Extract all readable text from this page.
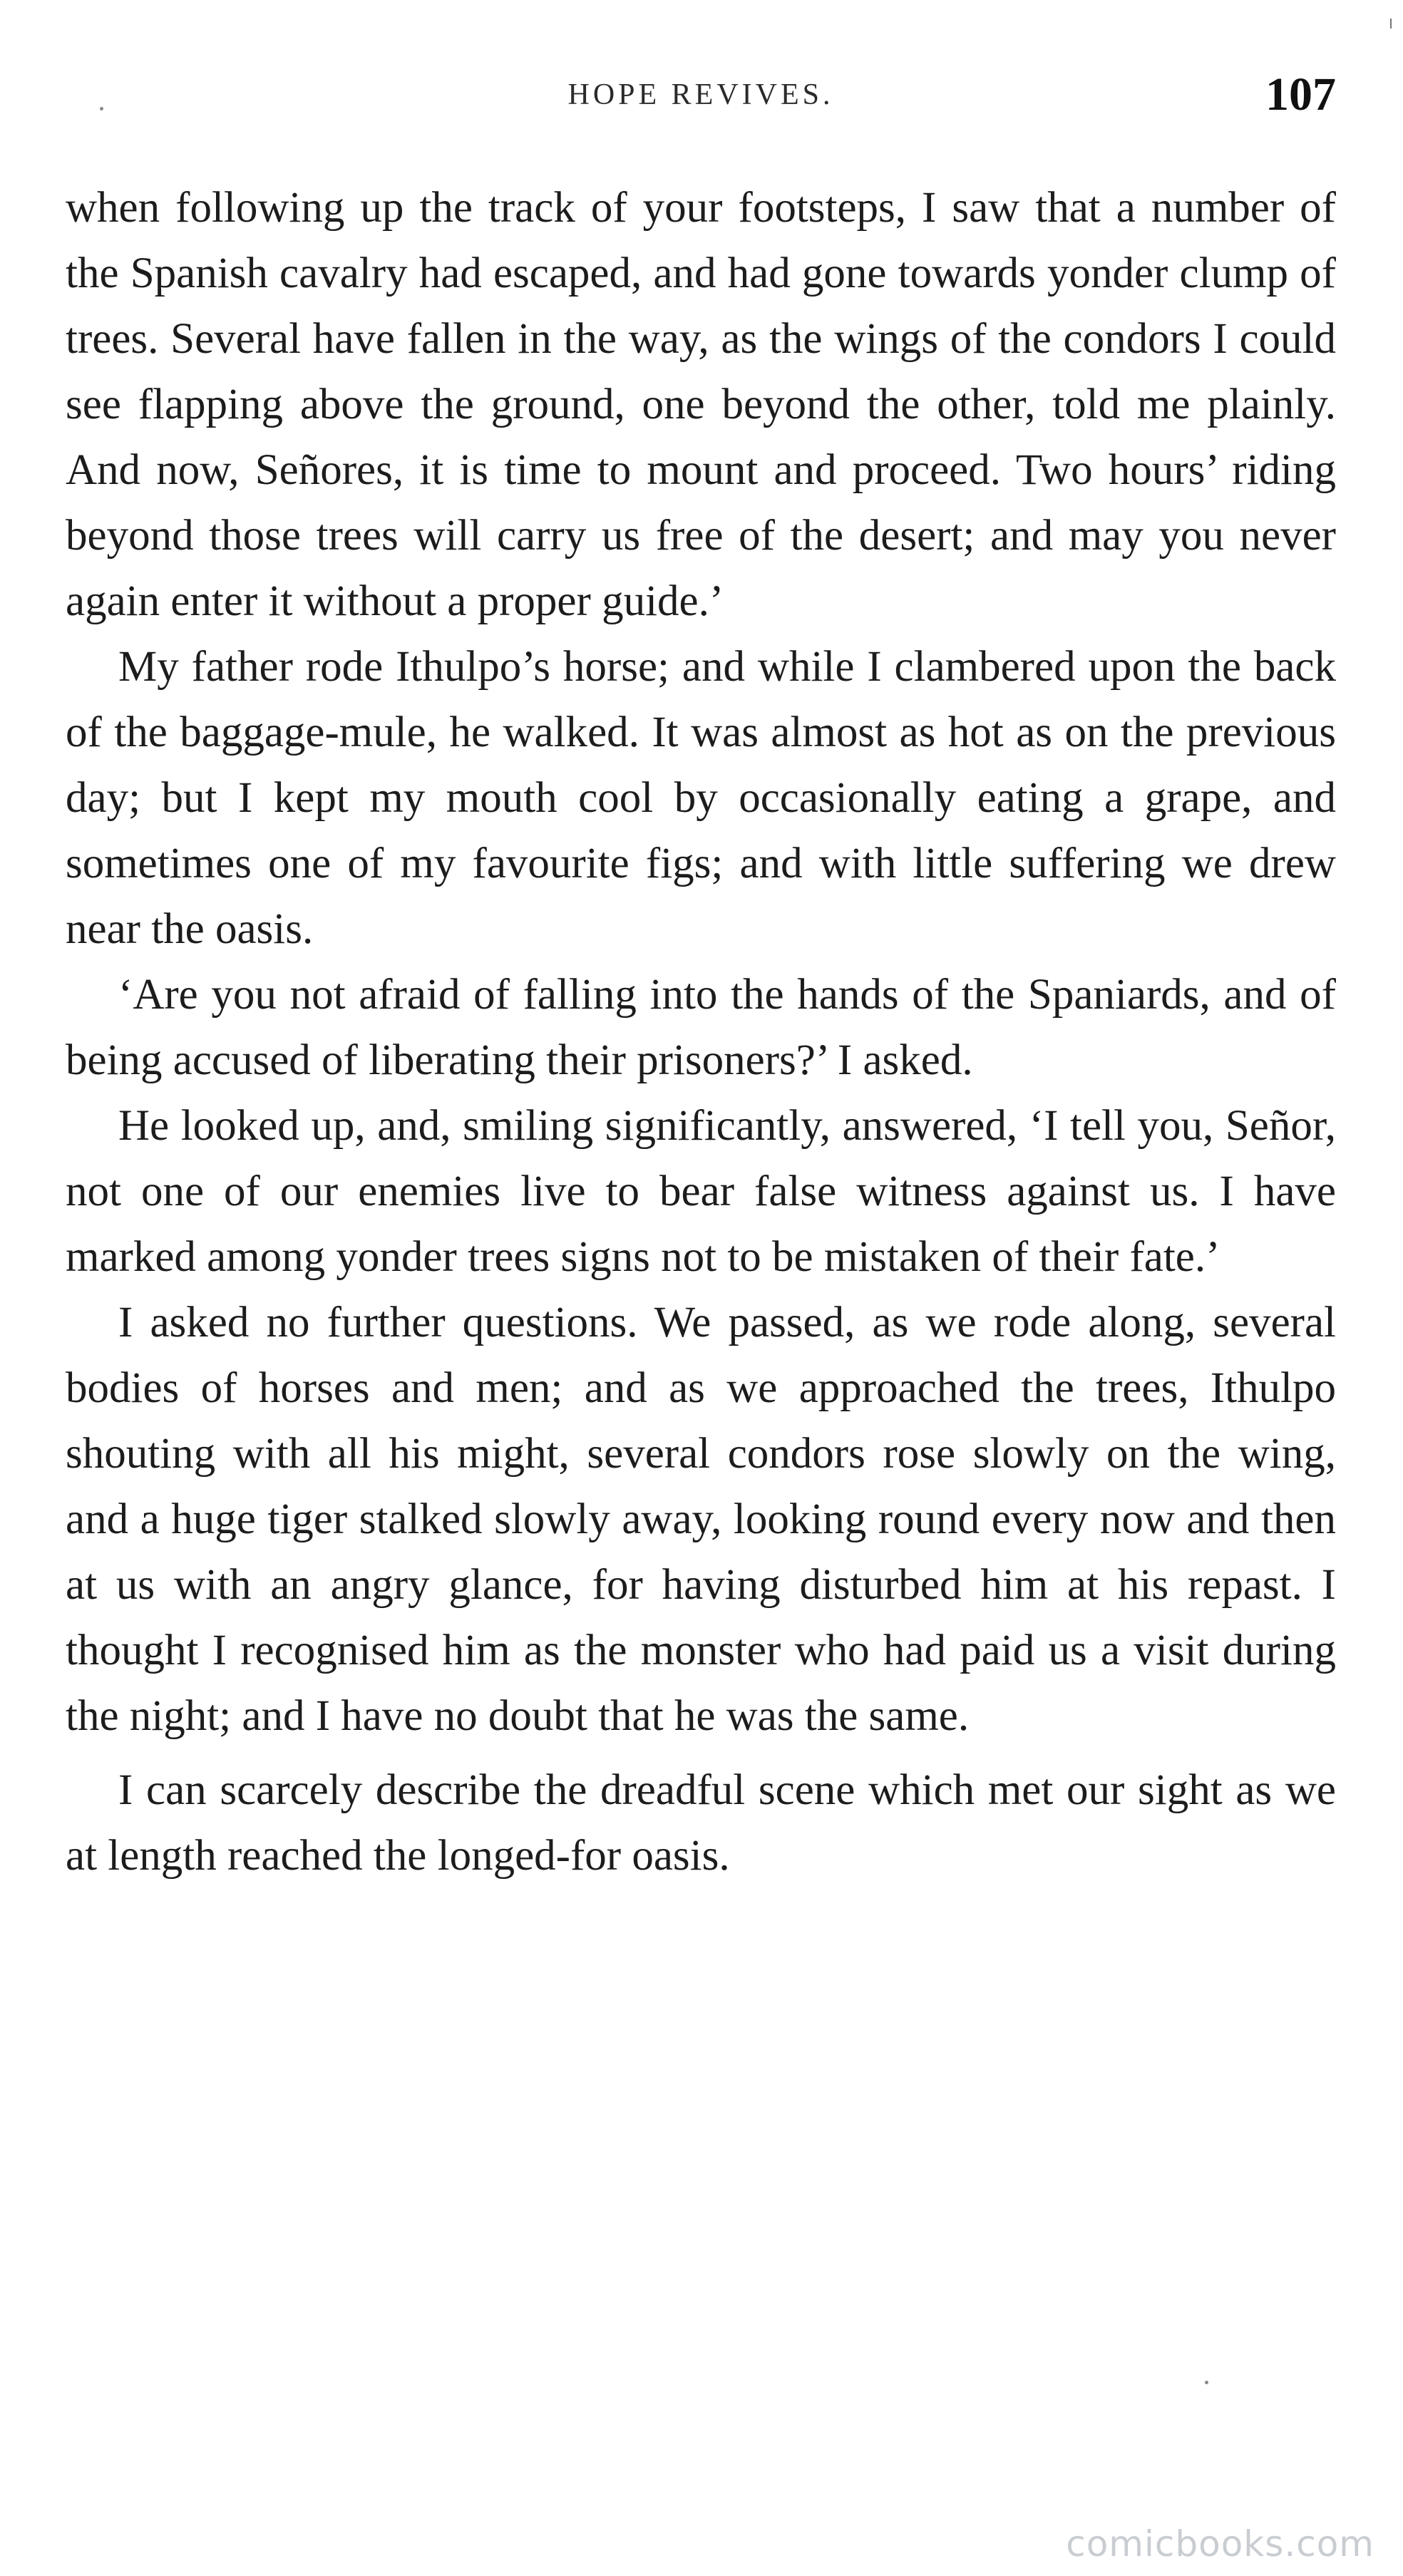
HOPE REVIVES.	107

when following up the track of your footsteps, I saw that a number of the Spanish cavalry had escaped, and had gone towards yonder clump of trees. Several have fallen in the way, as the wings of the condors I could see flapping above the ground, one beyond the other, told me plainly. And now, Señores, it is time to mount and proceed. Two hours’ riding beyond those trees will carry us free of the desert; and may you never again enter it without a proper guide.’

My father rode Ithulpo’s horse; and while I clambered upon the back of the baggage-mule, he walked. It was almost as hot as on the previous day; but I kept my mouth cool by occasionally eating a grape, and sometimes one of my favourite figs; and with little suffering we drew near the oasis.

‘Are you not afraid of falling into the hands of the Spaniards, and of being accused of liberating their prisoners?’ I asked.

He looked up, and, smiling significantly, answered, ‘I tell you, Señor, not one of our enemies live to bear false witness against us. I have marked among yonder trees signs not to be mistaken of their fate.’

I asked no further questions. We passed, as we rode along, several bodies of horses and men; and as we approached the trees, Ithulpo shouting with all his might, several condors rose slowly on the wing, and a huge tiger stalked slowly away, looking round every now and then at us with an angry glance, for having disturbed him at his repast. I thought I recognised him as the monster who had paid us a visit during the night; and I have no doubt that he was the same.

I can scarcely describe the dreadful scene which met our sight as we at length reached the longed-for oasis.

comicbooks.com
